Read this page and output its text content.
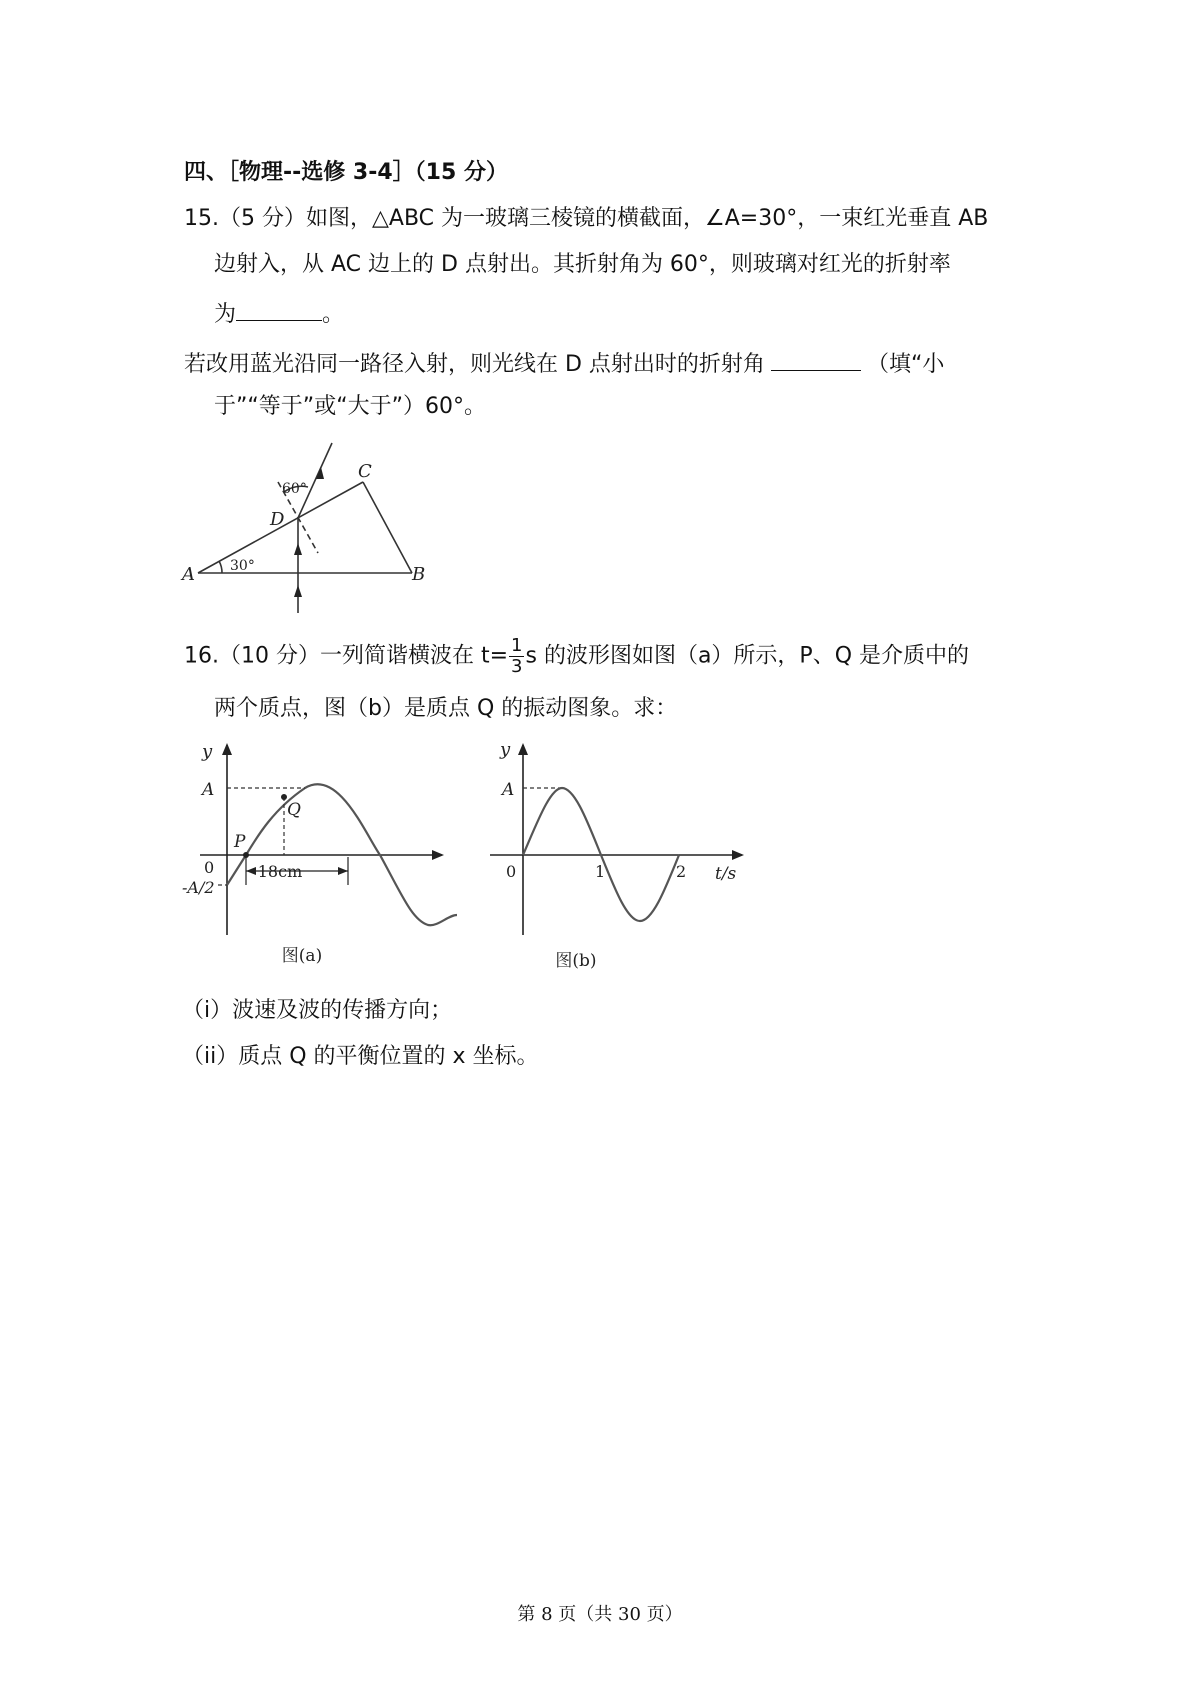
四、［物理--选修 3-4］（15 分）
15.（5 分）如图，△ABC 为一玻璃三棱镜的横截面，∠A=30°，一束红光垂直 AB
边射入，从 AC 边上的 D 点射出。其折射角为 60°，则玻璃对红光的折射率
为	。
若改用蓝光沿同一路径入射，则光线在 D 点射出时的折射角	（填“小
于”“等于”或“大于”）60°。
A	B
C
D
30°
60°
16.（10 分）一列简谐横波在 $t= \frac{1}{3}$ s 的波形图如图（a）所示，P、Q 是介质中的
两个质点，图（b）是质点 Q 的振动图象。求：
y
A
0
-A/2
P
Q
18cm
图(a)
y
A
0	1	2 t/s
图(b)
（i）波速及波的传播方向；
（ii）质点 Q 的平衡位置的 x 坐标。
第 8 页（共 30 页）
